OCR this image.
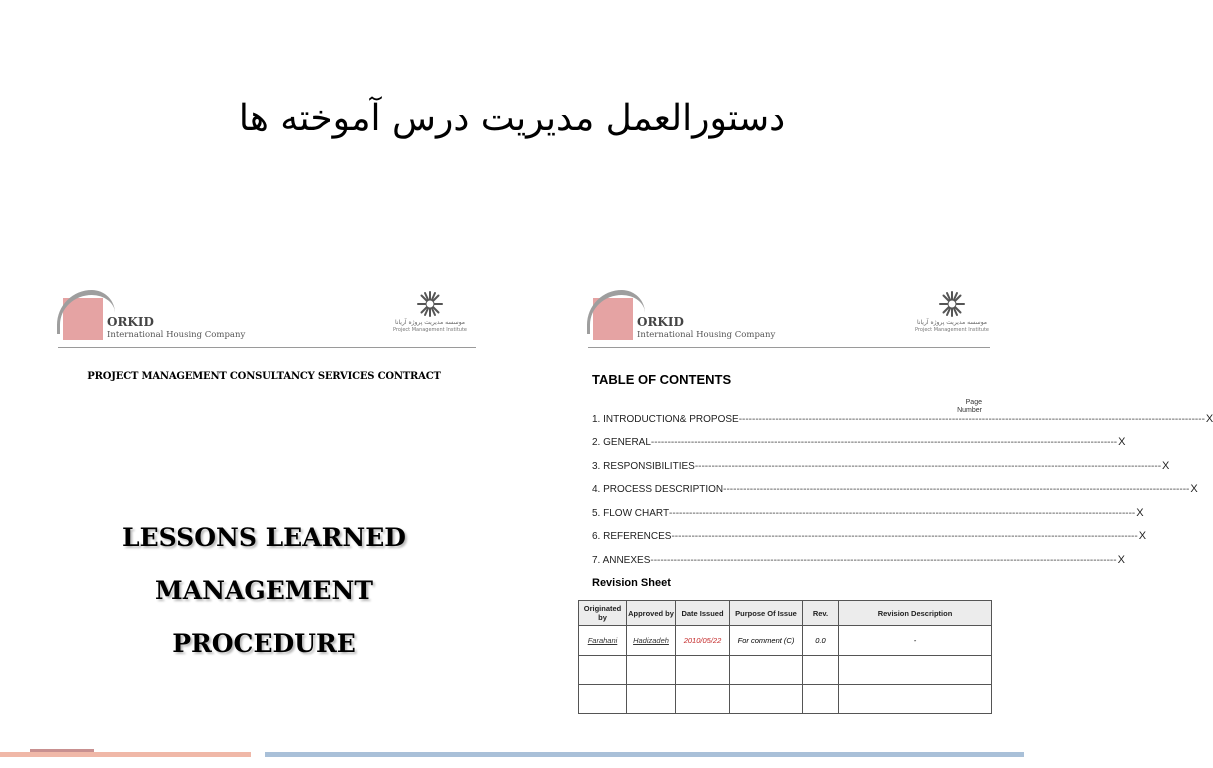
دستورالعمل مدیریت درس آموخته ها
ORKID
International Housing Company
موسسه مدیریت پروژه آریانا
Project Management Institute
PROJECT MANAGEMENT CONSULTANCY SERVICES CONTRACT
LESSONS LEARNED
MANAGEMENT
PROCEDURE
ORKID
International Housing Company
موسسه مدیریت پروژه آریانا
Project Management Institute
TABLE OF CONTENTS
Page Number
1. INTRODUCTION& PROPOSE -------------------------------------------------------------------------------------------------------------------------------------------- X
2. GENERAL -------------------------------------------------------------------------------------------------------------------------------------------- X
3. RESPONSIBILITIES -------------------------------------------------------------------------------------------------------------------------------------------- X
4. PROCESS DESCRIPTION -------------------------------------------------------------------------------------------------------------------------------------------- X
5. FLOW CHART -------------------------------------------------------------------------------------------------------------------------------------------- X
6. REFERENCES -------------------------------------------------------------------------------------------------------------------------------------------- X
7. ANNEXES -------------------------------------------------------------------------------------------------------------------------------------------- X
Revision Sheet
Originated by	Approved by	Date Issued	Purpose Of Issue	Rev.	Revision Description
Farahani	Hadizadeh	2010/05/22	For comment (C)	0.0	-
